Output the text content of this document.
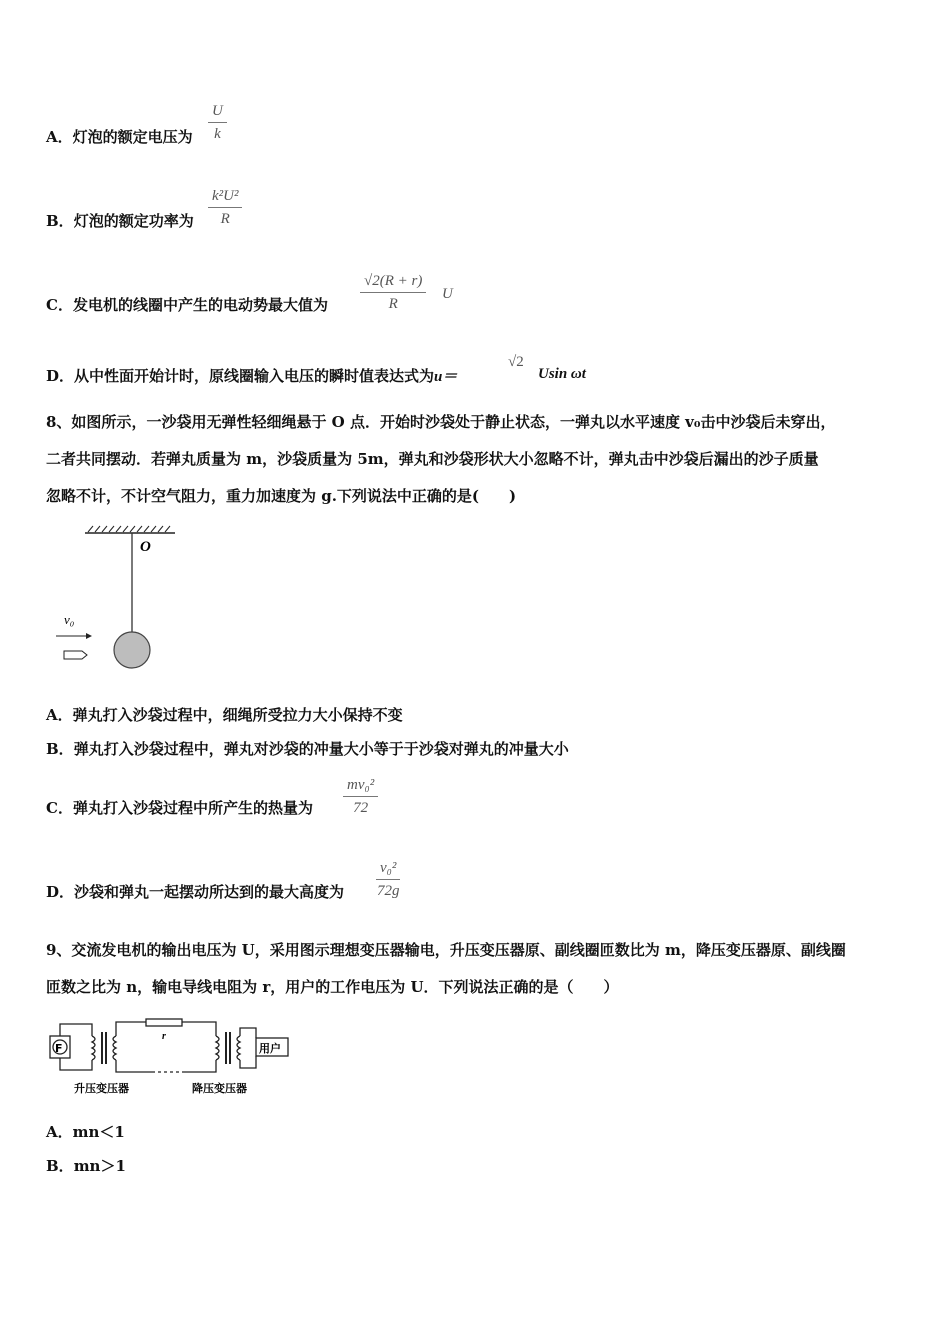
A．灯泡的额定电压为 $\frac{U}{k}$
B．灯泡的额定功率为 $\frac{\text{k²U²}}{R}$
C．发电机的线圈中产生的电动势最大值为 $\frac{√2(R + r)}{R}$ U
D．从中性面开始计时，原线圈输入电压的瞬时值表达式为u＝
√2
Usin ωt
8、如图所示，一沙袋用无弹性轻细绳悬于 O 点．开始时沙袋处于静止状态，一弹丸以水平速度 v₀击中沙袋后未穿出，
二者共同摆动．若弹丸质量为 m，沙袋质量为 5m，弹丸和沙袋形状大小忽略不计，弹丸击中沙袋后漏出的沙子质量
忽略不计，不计空气阻力，重力加速度为 g.下列说法中正确的是(　　)
O
v₀
A．弹丸打入沙袋过程中，细绳所受拉力大小保持不变
B．弹丸打入沙袋过程中，弹丸对沙袋的冲量大小等于于沙袋对弹丸的冲量大小
C．弹丸打入沙袋过程中所产生的热量为 $\frac{\text{mv₀²}}{72}$
D．沙袋和弹丸一起摆动所达到的最大高度为 $\frac{\text{v₀²}}{72g}$
9、交流发电机的输出电压为 U，采用图示理想变压器输电，升压变压器原、副线圈匝数比为 m，降压变压器原、副线圈
匝数之比为 n，输电导线电阻为 r，用户的工作电压为 U．下列说法正确的是（　　）
F
r
用户
升压变压器	降压变压器
A．mn＜1
B．mn＞1
